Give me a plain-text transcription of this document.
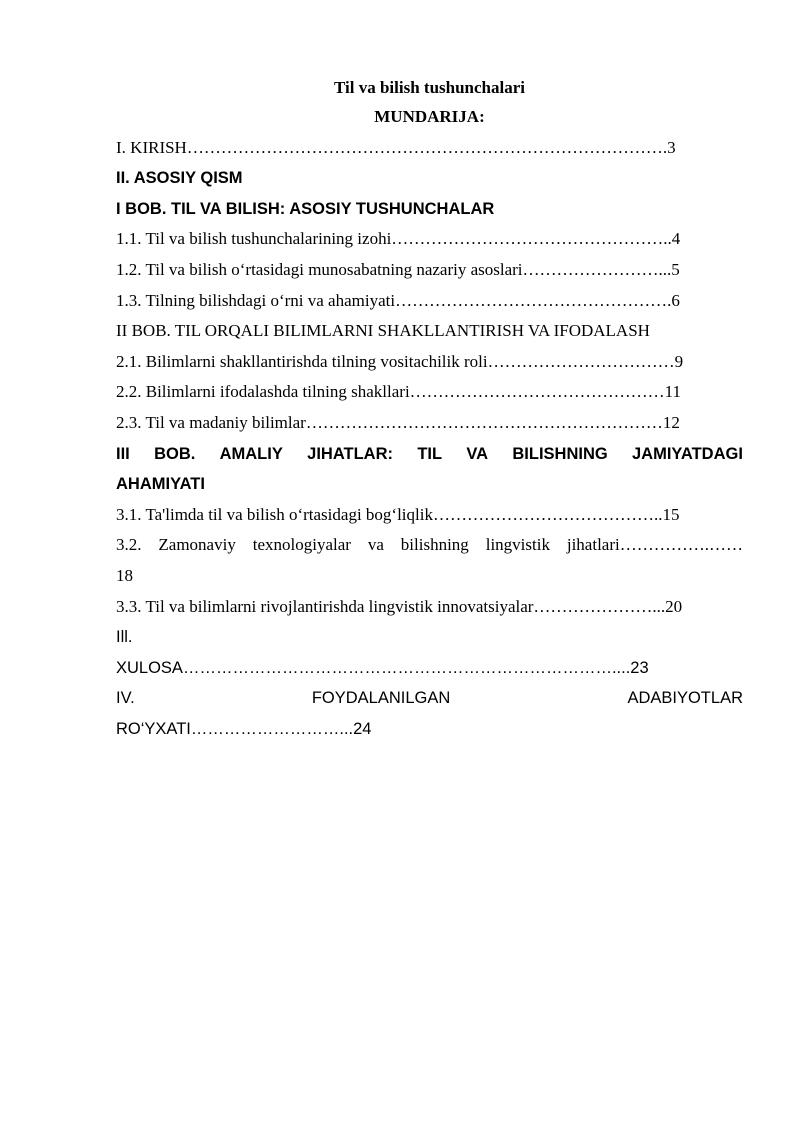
Til va bilish tushunchalari
MUNDARIJA:
I. KIRISH………………………………………………………………………….3
II. ASOSIY QISM
I BOB. TIL VA BILISH: ASOSIY TUSHUNCHALAR
1.1. Til va bilish tushunchalarining izohi…………………………………………..4
1.2. Til va bilish o‘rtasidagi munosabatning nazariy asoslari……………………...5
1.3. Tilning bilishdagi o‘rni va ahamiyati………………………………………….6
II BOB. TIL ORQALI BILIMLARNI SHAKLLANTIRISH VA IFODALASH
2.1. Bilimlarni shakllantirishda tilning vositachilik roli……………………………9
2.2. Bilimlarni ifodalashda tilning shakllari………………………………………11
2.3. Til va madaniy bilimlar………………………………………………………12
III BOB. AMALIY JIHATLAR: TIL VA BILISHNING JAMIYATDAGI
AHAMIYATI
3.1. Ta'limda til va bilish o‘rtasidagi bog‘liqlik…………………………………..15
3.2. Zamonaviy texnologiyalar va bilishning lingvistik jihatlari…………….……
18
3.3. Til va bilimlarni rivojlantirishda lingvistik innovatsiyalar…………………...20
Ill.
XULOSA……………………………………………………………………....23
IV.	FOYDALANILGAN	ADABIYOTLAR
RO‘YXATI………………………...24
